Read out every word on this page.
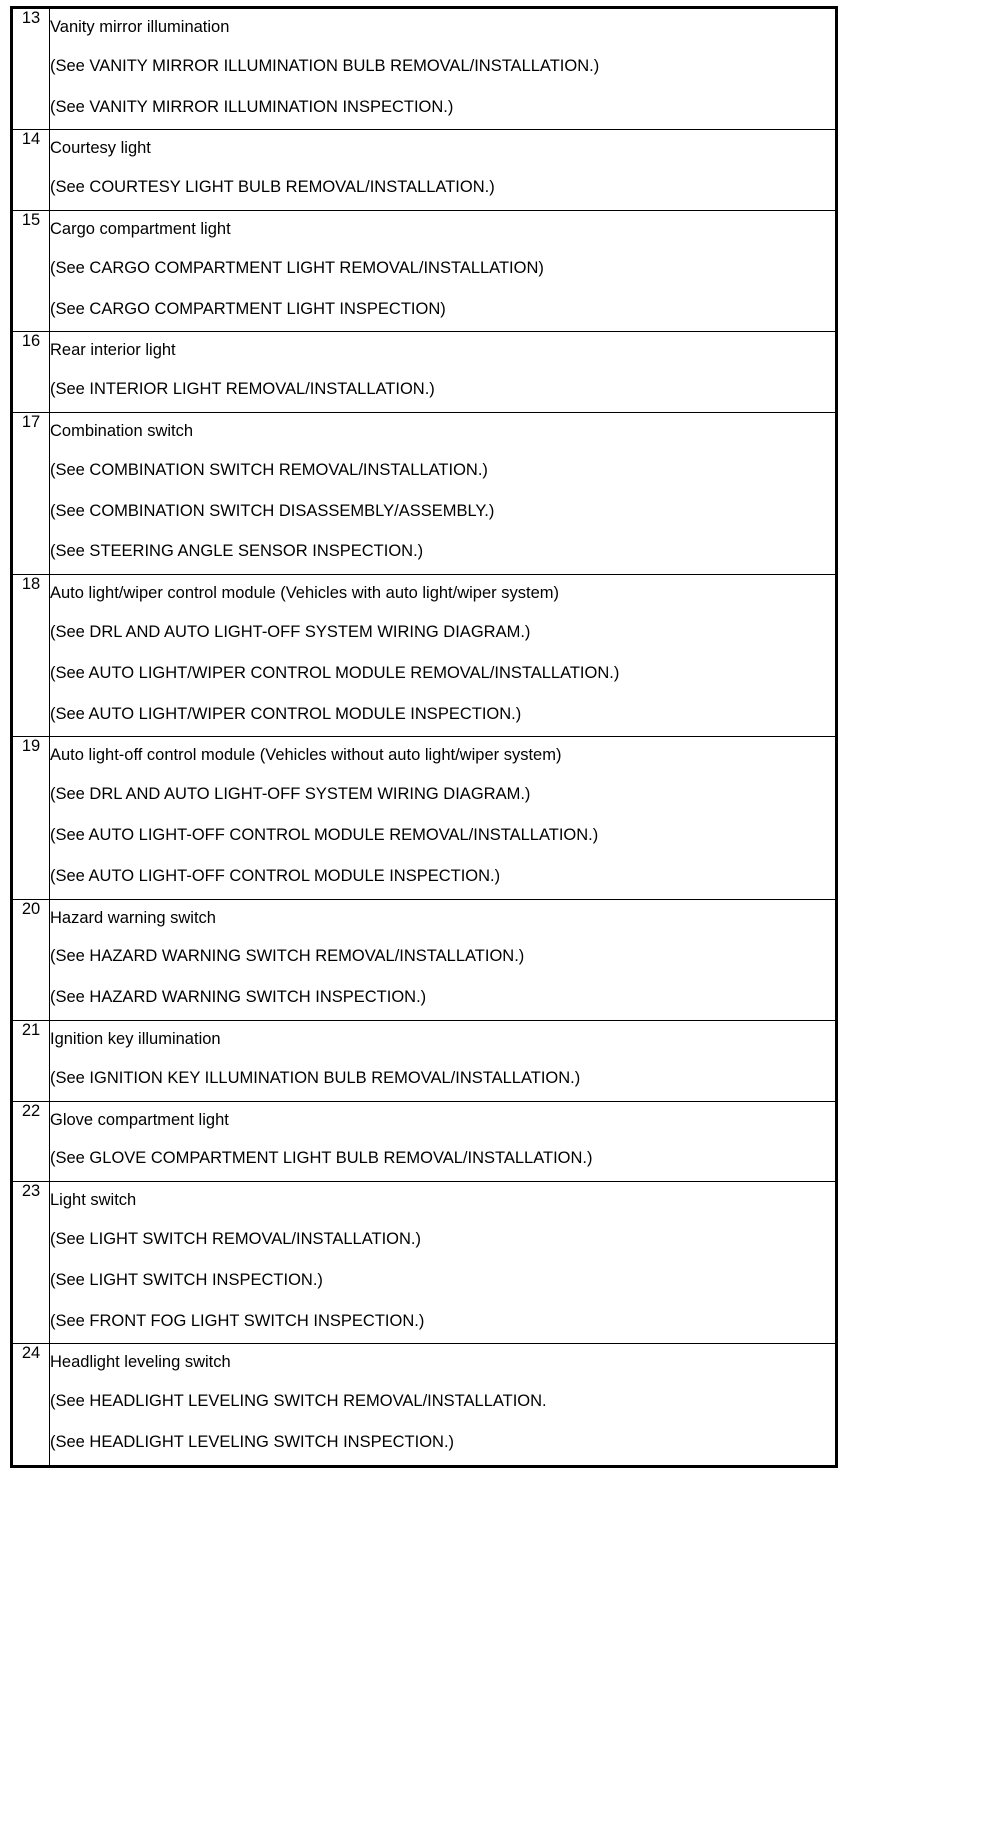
13	Vanity mirror illumination
(See VANITY MIRROR ILLUMINATION BULB REMOVAL/INSTALLATION.)
(See VANITY MIRROR ILLUMINATION INSPECTION.)

14	Courtesy light
(See COURTESY LIGHT BULB REMOVAL/INSTALLATION.)

15	Cargo compartment light
(See CARGO COMPARTMENT LIGHT REMOVAL/INSTALLATION)
(See CARGO COMPARTMENT LIGHT INSPECTION)

16	Rear interior light
(See INTERIOR LIGHT REMOVAL/INSTALLATION.)

17	Combination switch
(See COMBINATION SWITCH REMOVAL/INSTALLATION.)
(See COMBINATION SWITCH DISASSEMBLY/ASSEMBLY.)
(See STEERING ANGLE SENSOR INSPECTION.)

18	Auto light/wiper control module (Vehicles with auto light/wiper system)
(See DRL AND AUTO LIGHT-OFF SYSTEM WIRING DIAGRAM.)
(See AUTO LIGHT/WIPER CONTROL MODULE REMOVAL/INSTALLATION.)
(See AUTO LIGHT/WIPER CONTROL MODULE INSPECTION.)

19	Auto light-off control module (Vehicles without auto light/wiper system)
(See DRL AND AUTO LIGHT-OFF SYSTEM WIRING DIAGRAM.)
(See AUTO LIGHT-OFF CONTROL MODULE REMOVAL/INSTALLATION.)
(See AUTO LIGHT-OFF CONTROL MODULE INSPECTION.)

20	Hazard warning switch
(See HAZARD WARNING SWITCH REMOVAL/INSTALLATION.)
(See HAZARD WARNING SWITCH INSPECTION.)

21	Ignition key illumination
(See IGNITION KEY ILLUMINATION BULB REMOVAL/INSTALLATION.)

22	Glove compartment light
(See GLOVE COMPARTMENT LIGHT BULB REMOVAL/INSTALLATION.)

23	Light switch
(See LIGHT SWITCH REMOVAL/INSTALLATION.)
(See LIGHT SWITCH INSPECTION.)
(See FRONT FOG LIGHT SWITCH INSPECTION.)

24	Headlight leveling switch
(See HEADLIGHT LEVELING SWITCH REMOVAL/INSTALLATION.
(See HEADLIGHT LEVELING SWITCH INSPECTION.)
